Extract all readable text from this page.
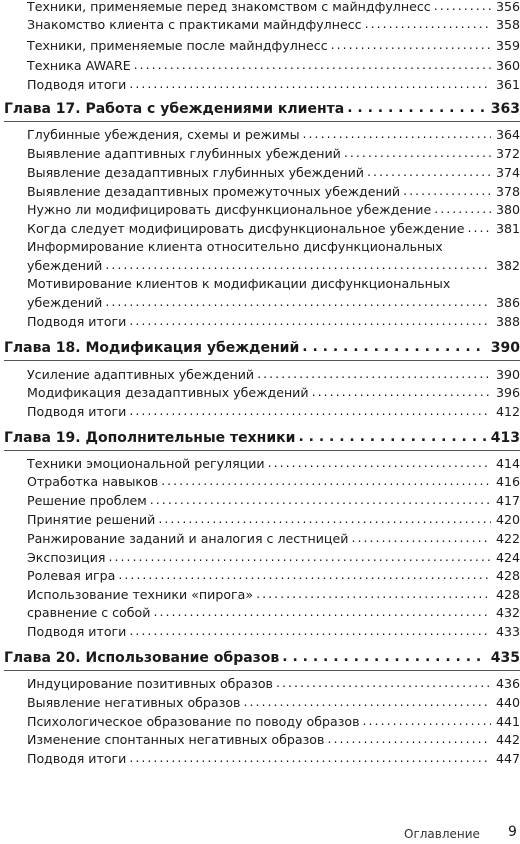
Техники, применяемые перед знакомством с майндфулнесс . . .	356
Знакомство клиента с практиками майндфулнесс . . .	358
Техники, применяемые после майндфулнесс . . .	359
Техника AWARE . . .	360
Подводя итоги . . .	361
Глава 17. Работа с убеждениями клиента . . .	363
Глубинные убеждения, схемы и режимы . . .	364
Выявление адаптивных глубинных убеждений . . .	372
Выявление дезадаптивных глубинных убеждений . . .	374
Выявление дезадаптивных промежуточных убеждений . . .	378
Нужно ли модифицировать дисфункциональное убеждение . . .	380
Когда следует модифицировать дисфункциональное убеждение . . . 381
Информирование клиента относительно дисфункциональных
убеждений . . .	382
Мотивирование клиентов к модификации дисфункциональных
убеждений . . .	386
Подводя итоги . . .	388
Глава 18. Модификация убеждений . . .	390
Усиление адаптивных убеждений . . .	390
Модификация дезадаптивных убеждений . . .	396
Подводя итоги . . .	412
Глава 19. Дополнительные техники . . .	413
Техники эмоциональной регуляции . . .	414
Отработка навыков . . .	416
Решение проблем . . .	417
Принятие решений . . .	420
Ранжирование заданий и аналогия с лестницей . . .	422
Экспозиция . . .	424
Ролевая игра . . .	428
Использование техники «пирога» . . .	428
сравнение с собой . . .	432
Подводя итоги . . .	433
Глава 20. Использование образов . . .	435
Индуцирование позитивных образов . . .	436
Выявление негативных образов . . .	440
Психологическое образование по поводу образов . . .	441
Изменение спонтанных негативных образов . . .	442
Подводя итоги . . .	447
Оглавление 9
